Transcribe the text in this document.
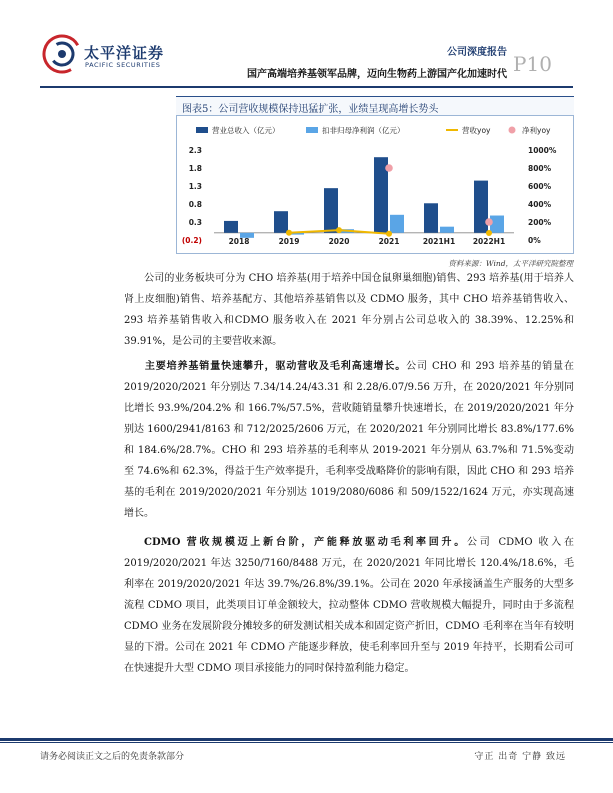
太平洋证券
PACIFIC SECURITIES
公司深度报告
国产高端培养基领军品牌，迈向生物药上游国产化加速时代 P10
图表5：公司营收规模保持迅猛扩张，业绩呈现高增长势头
营业总收入（亿元）	扣非归母净利润（亿元）	营收yoy	净利yoy
(0.2)
0.3
0.8
1.3
1.8
2.3
0%
200%
400%
600%
800%
1000%
2018	2019	2020	2021	2021H1 2022H1
资料来源：Wind，太平洋研究院整理
公司的业务板块可分为 CHO 培养基(用于培养中国仓鼠卵巢细胞)销售、293 培养基(用于培养人肾上皮细胞)销售、培养基配方、其他培养基销售以及 CDMO 服务，其中 CHO 培养基销售收入、293 培养基销售收入和CDMO 服务收入在 2021 年分别占公司总收入的 38.39%、12.25%和 39.91%，是公司的主要营收来源。
主要培养基销量快速攀升，驱动营收及毛利高速增长。公司 CHO 和 293 培养基的销量在 2019/2020/2021 年分别达 7.34/14.24/43.31 和 2.28/6.07/9.56 万升，在 2020/2021 年分别同比增长 93.9%/204.2% 和 166.7%/57.5%，营收随销量攀升快速增长，在 2019/2020/2021 年分别达 1600/2941/8163 和 712/2025/2606 万元，在 2020/2021 年分别同比增长 83.8%/177.6%和 184.6%/28.7%。CHO 和 293 培养基的毛利率从 2019-2021 年分别从 63.7%和 71.5%变动至 74.6%和 62.3%，得益于生产效率提升，毛利率受战略降价的影响有限，因此 CHO 和 293 培养基的毛利在 2019/2020/2021 年分别达 1019/2080/6086 和 509/1522/1624 万元，亦实现高速增长。
CDMO 营收规模迈上新台阶，产能释放驱动毛利率回升。公司 CDMO 收入在 2019/2020/2021 年达 3250/7160/8488 万元，在 2020/2021 年同比增长 120.4%/18.6%，毛利率在 2019/2020/2021 年达 39.7%/26.8%/39.1%。公司在 2020 年承接涵盖生产服务的大型多流程 CDMO 项目，此类项目订单金额较大，拉动整体 CDMO 营收规模大幅提升，同时由于多流程 CDMO 业务在发展阶段分摊较多的研发测试相关成本和固定资产折旧，CDMO 毛利率在当年有较明显的下滑。公司在 2021 年 CDMO 产能逐步释放，使毛利率回升至与 2019 年持平，长期看公司可在快速提升大型 CDMO 项目承接能力的同时保持盈利能力稳定。
请务必阅读正文之后的免责条款部分	守正 出奇 宁静 致远
